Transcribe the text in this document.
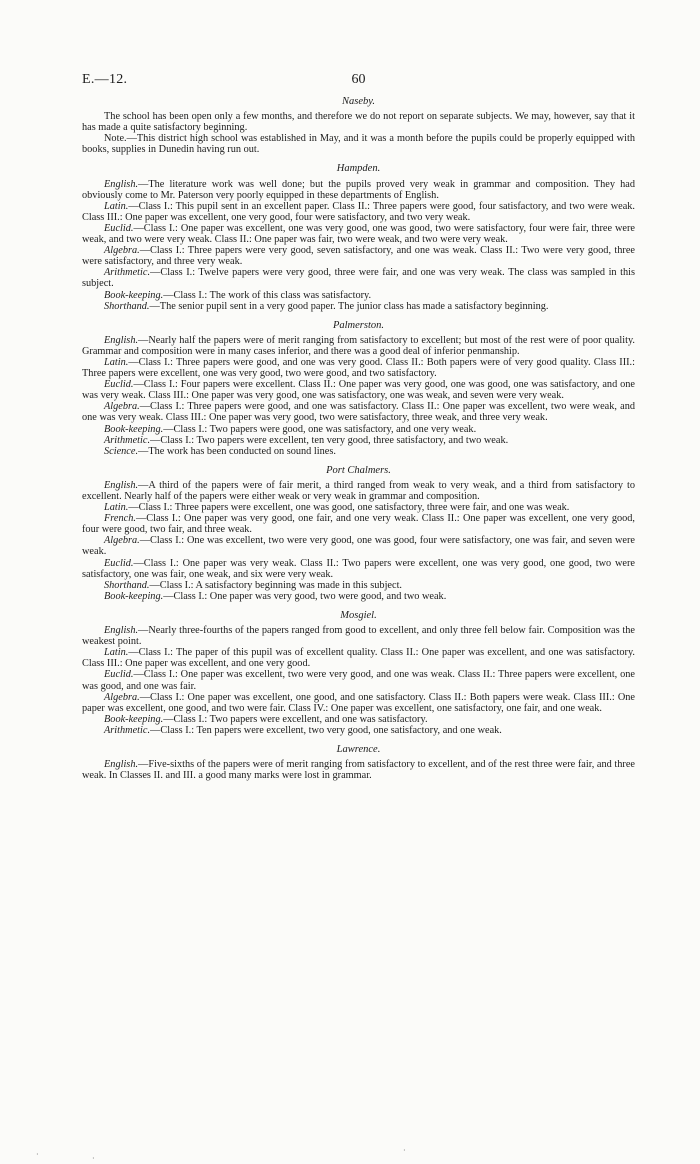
E.—12.	60
Naseby.

The school has been open only a few months, and therefore we do not report on separate subjects. We may, however, say that it has made a quite satisfactory beginning.

Note.—This district high school was established in May, and it was a month before the pupils could be properly equipped with books, supplies in Dunedin having run out.

Hampden.

English.—The literature work was well done; but the pupils proved very weak in grammar and composition. They had obviously come to Mr. Paterson very poorly equipped in these departments of English.

Latin.—Class I.: This pupil sent in an excellent paper. Class II.: Three papers were good, four satisfactory, and two were weak. Class III.: One paper was excellent, one very good, four were satisfactory, and two very weak.

Euclid.—Class I.: One paper was excellent, one was very good, one was good, two were satisfactory, four were fair, three were weak, and two were very weak. Class II.: One paper was fair, two were weak, and two were very weak.

Algebra.—Class I.: Three papers were very good, seven satisfactory, and one was weak. Class II.: Two were very good, three were satisfactory, and three very weak.

Arithmetic.—Class I.: Twelve papers were very good, three were fair, and one was very weak. The class was sampled in this subject.

Book-keeping.—Class I.: The work of this class was satisfactory.

Shorthand.—The senior pupil sent in a very good paper. The junior class has made a satisfactory beginning.

Palmerston.

English.—Nearly half the papers were of merit ranging from satisfactory to excellent; but most of the rest were of poor quality. Grammar and composition were in many cases inferior, and there was a good deal of inferior penmanship.

Latin.—Class I.: Three papers were good, and one was very good. Class II.: Both papers were of very good quality. Class III.: Three papers were excellent, one was very good, two were good, and two satisfactory.

Euclid.—Class I.: Four papers were excellent. Class II.: One paper was very good, one was good, one was satisfactory, and one was very weak. Class III.: One paper was very good, one was satisfactory, one was weak, and seven were very weak.

Algebra.—Class I.: Three papers were good, and one was satisfactory. Class II.: One paper was excellent, two were weak, and one was very weak. Class III.: One paper was very good, two were satisfactory, three weak, and three very weak.

Book-keeping.—Class I.: Two papers were good, one was satisfactory, and one very weak.

Arithmetic.—Class I.: Two papers were excellent, ten very good, three satisfactory, and two weak.

Science.—The work has been conducted on sound lines.

Port Chalmers.

English.—A third of the papers were of fair merit, a third ranged from weak to very weak, and a third from satisfactory to excellent. Nearly half of the papers were either weak or very weak in grammar and composition.

Latin.—Class I.: Three papers were excellent, one was good, one satisfactory, three were fair, and one was weak.

French.—Class I.: One paper was very good, one fair, and one very weak. Class II.: One paper was excellent, one very good, four were good, two fair, and three weak.

Algebra.—Class I.: One was excellent, two were very good, one was good, four were satisfactory, one was fair, and seven were weak.

Euclid.—Class I.: One paper was very weak. Class II.: Two papers were excellent, one was very good, one good, two were satisfactory, one was fair, one weak, and six were very weak.

Shorthand.—Class I.: A satisfactory beginning was made in this subject.

Book-keeping.—Class I.: One paper was very good, two were good, and two weak.

Mosgiel.

English.—Nearly three-fourths of the papers ranged from good to excellent, and only three fell below fair. Composition was the weakest point.

Latin.—Class I.: The paper of this pupil was of excellent quality. Class II.: One paper was excellent, and one was satisfactory. Class III.: One paper was excellent, and one very good.

Euclid.—Class I.: One paper was excellent, two were very good, and one was weak. Class II.: Three papers were excellent, one was good, and one was fair.

Algebra.—Class I.: One paper was excellent, one good, and one satisfactory. Class II.: Both papers were weak. Class III.: One paper was excellent, one good, and two were fair. Class IV.: One paper was excellent, one satisfactory, one fair, and one weak.

Book-keeping.—Class I.: Two papers were excellent, and one was satisfactory.

Arithmetic.—Class I.: Ten papers were excellent, two very good, one satisfactory, and one weak.

Lawrence.

English.—Five-sixths of the papers were of merit ranging from satisfactory to excellent, and of the rest three were fair, and three weak. In Classes II. and III. a good many marks were lost in grammar.

·	·
·
